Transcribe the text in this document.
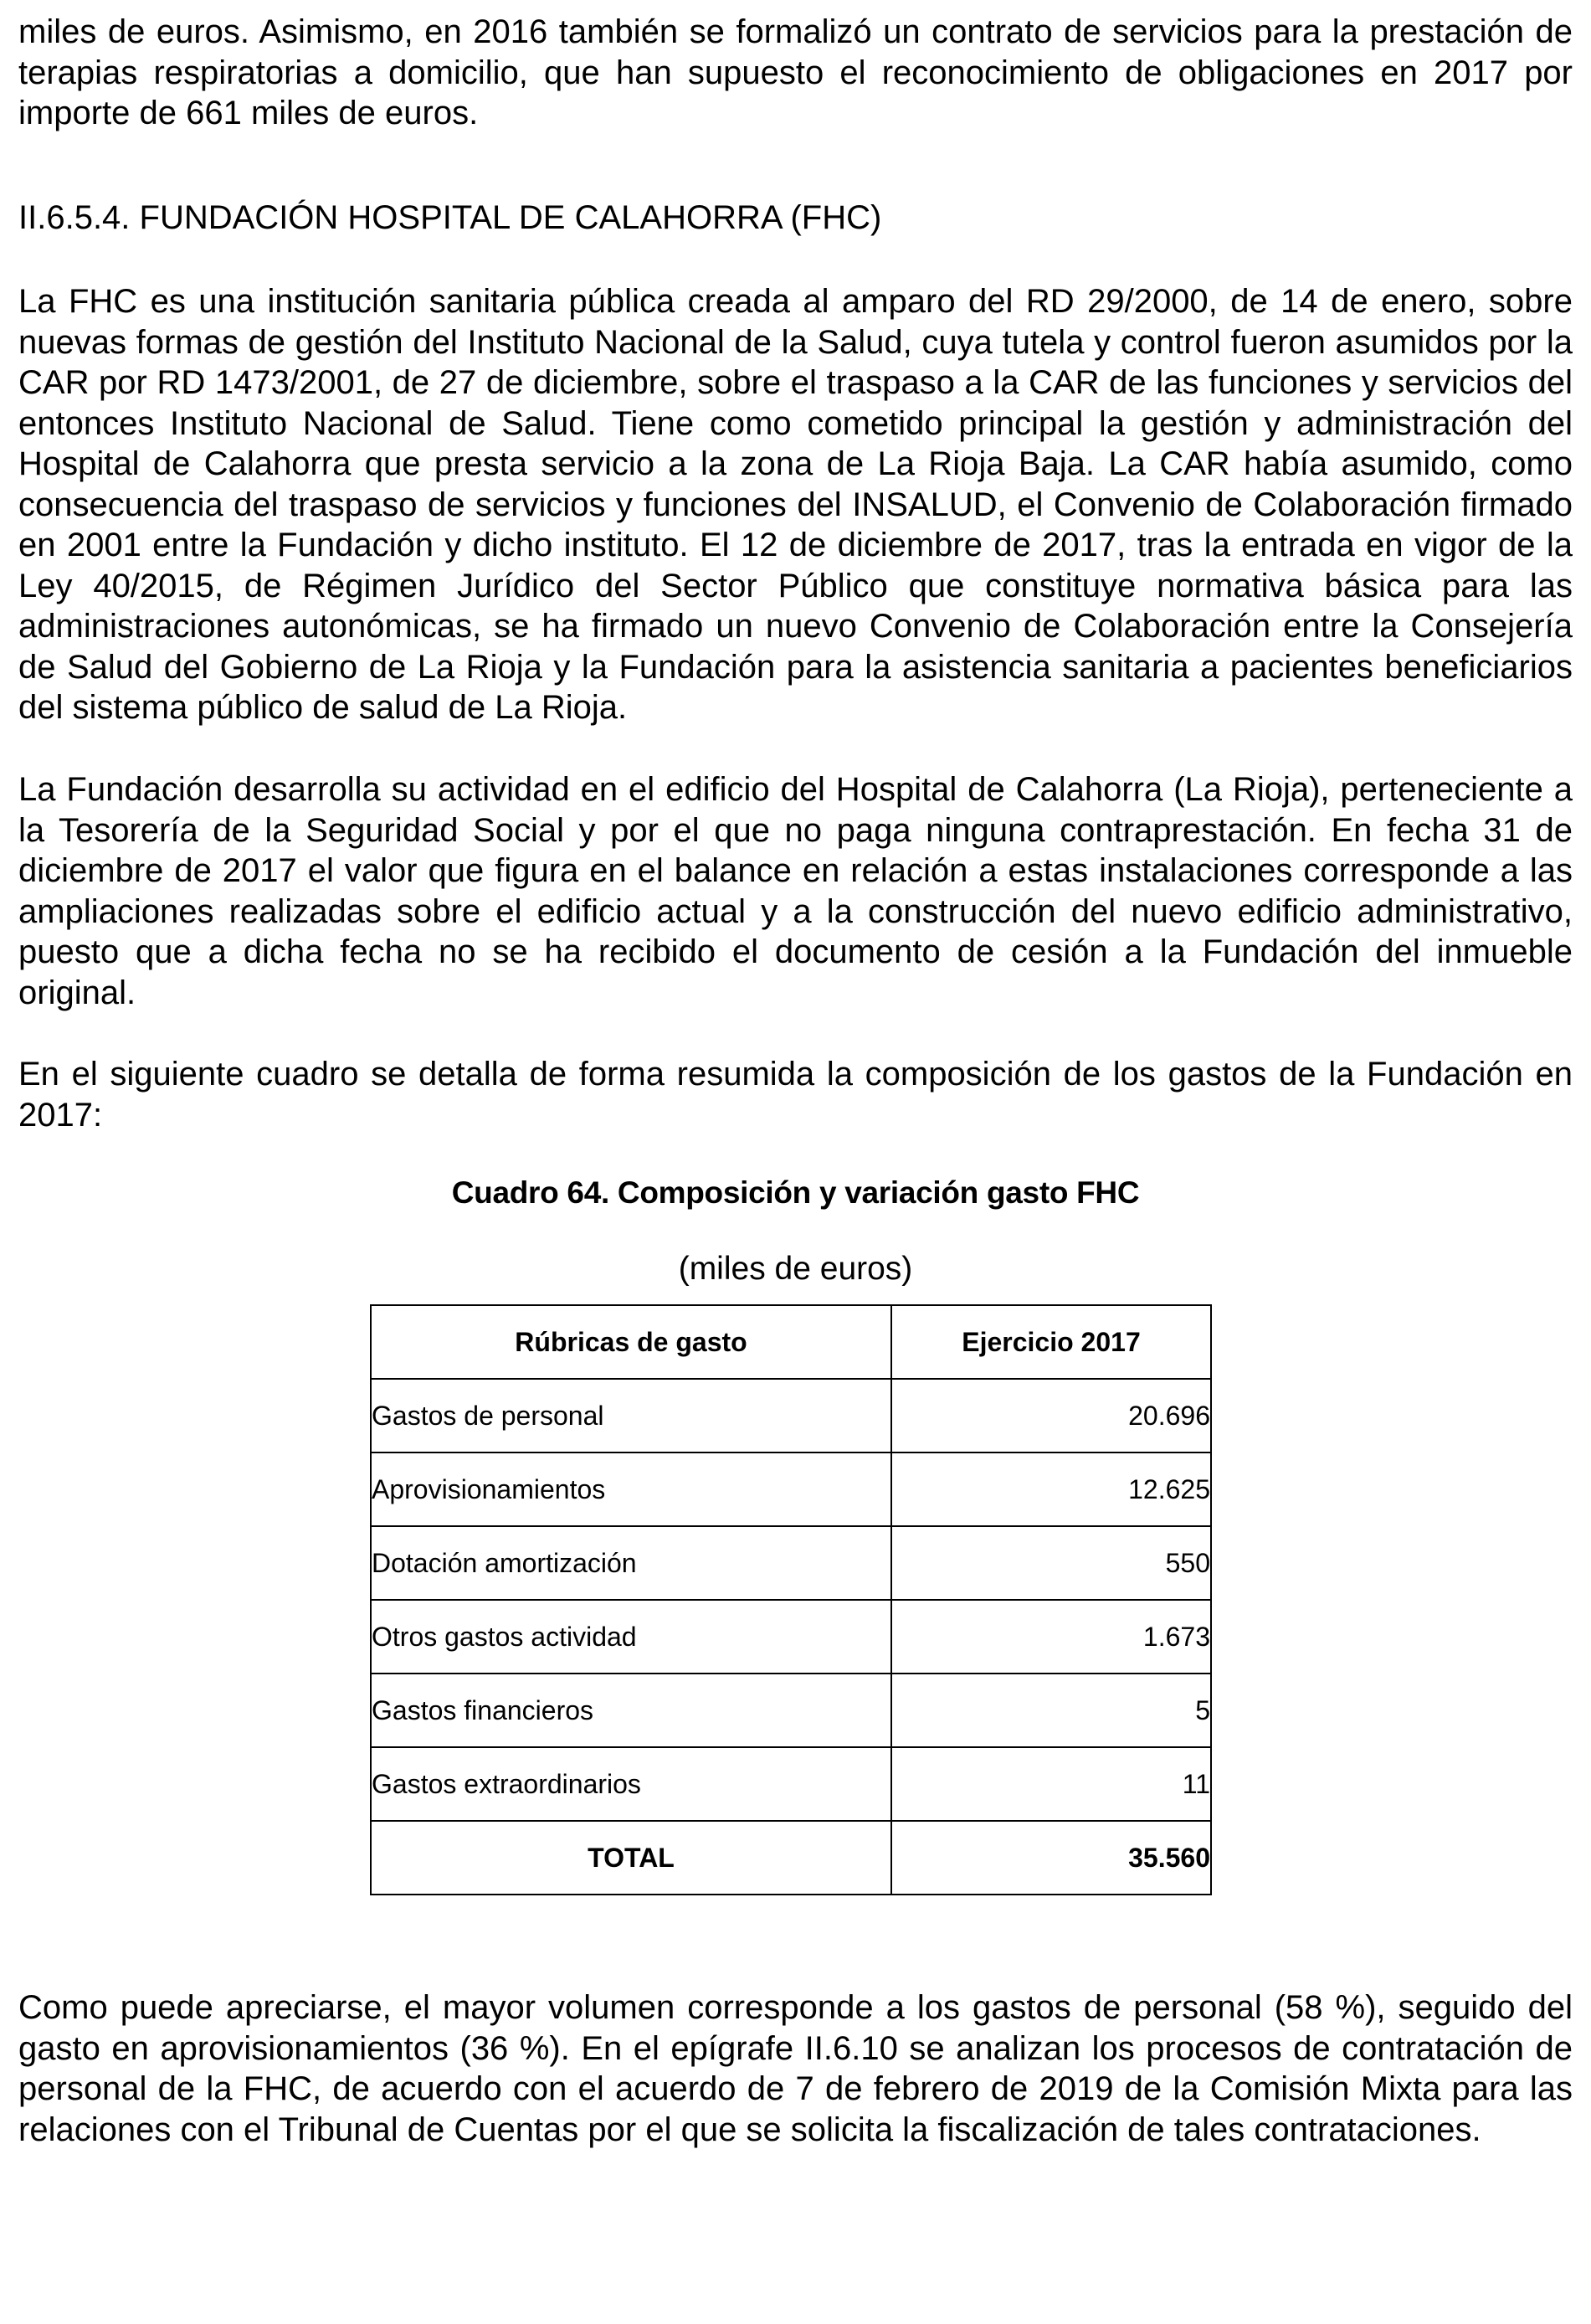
miles de euros. Asimismo, en 2016 también se formalizó un contrato de servicios para la prestación de terapias respiratorias a domicilio, que han supuesto el reconocimiento de obligaciones en 2017 por importe de 661 miles de euros.

II.6.5.4. FUNDACIÓN HOSPITAL DE CALAHORRA (FHC)

La FHC es una institución sanitaria pública creada al amparo del RD 29/2000, de 14 de enero, sobre nuevas formas de gestión del Instituto Nacional de la Salud, cuya tutela y control fueron asumidos por la CAR por RD 1473/2001, de 27 de diciembre, sobre el traspaso a la CAR de las funciones y servicios del entonces Instituto Nacional de Salud. Tiene como cometido principal la gestión y administración del Hospital de Calahorra que presta servicio a la zona de La Rioja Baja. La CAR había asumido, como consecuencia del traspaso de servicios y funciones del INSALUD, el Convenio de Colaboración firmado en 2001 entre la Fundación y dicho instituto. El 12 de diciembre de 2017, tras la entrada en vigor de la Ley 40/2015, de Régimen Jurídico del Sector Público que constituye normativa básica para las administraciones autonómicas, se ha firmado un nuevo Convenio de Colaboración entre la Consejería de Salud del Gobierno de La Rioja y la Fundación para la asistencia sanitaria a pacientes beneficiarios del sistema público de salud de La Rioja.

La Fundación desarrolla su actividad en el edificio del Hospital de Calahorra (La Rioja), perteneciente a la Tesorería de la Seguridad Social y por el que no paga ninguna contraprestación. En fecha 31 de diciembre de 2017 el valor que figura en el balance en relación a estas instalaciones corresponde a las ampliaciones realizadas sobre el edificio actual y a la construcción del nuevo edificio administrativo, puesto que a dicha fecha no se ha recibido el documento de cesión a la Fundación del inmueble original.

En el siguiente cuadro se detalla de forma resumida la composición de los gastos de la Fundación en 2017:

Cuadro 64. Composición y variación gasto FHC

(miles de euros)

Rúbricas de gasto	Ejercicio 2017
Gastos de personal	20.696
Aprovisionamientos	12.625
Dotación amortización	550
Otros gastos actividad	1.673
Gastos financieros	5
Gastos extraordinarios	11
TOTAL	35.560

Como puede apreciarse, el mayor volumen corresponde a los gastos de personal (58 %), seguido del gasto en aprovisionamientos (36 %). En el epígrafe II.6.10 se analizan los procesos de contratación de personal de la FHC, de acuerdo con el acuerdo de 7 de febrero de 2019 de la Comisión Mixta para las relaciones con el Tribunal de Cuentas por el que se solicita la fiscalización de tales contrataciones.
